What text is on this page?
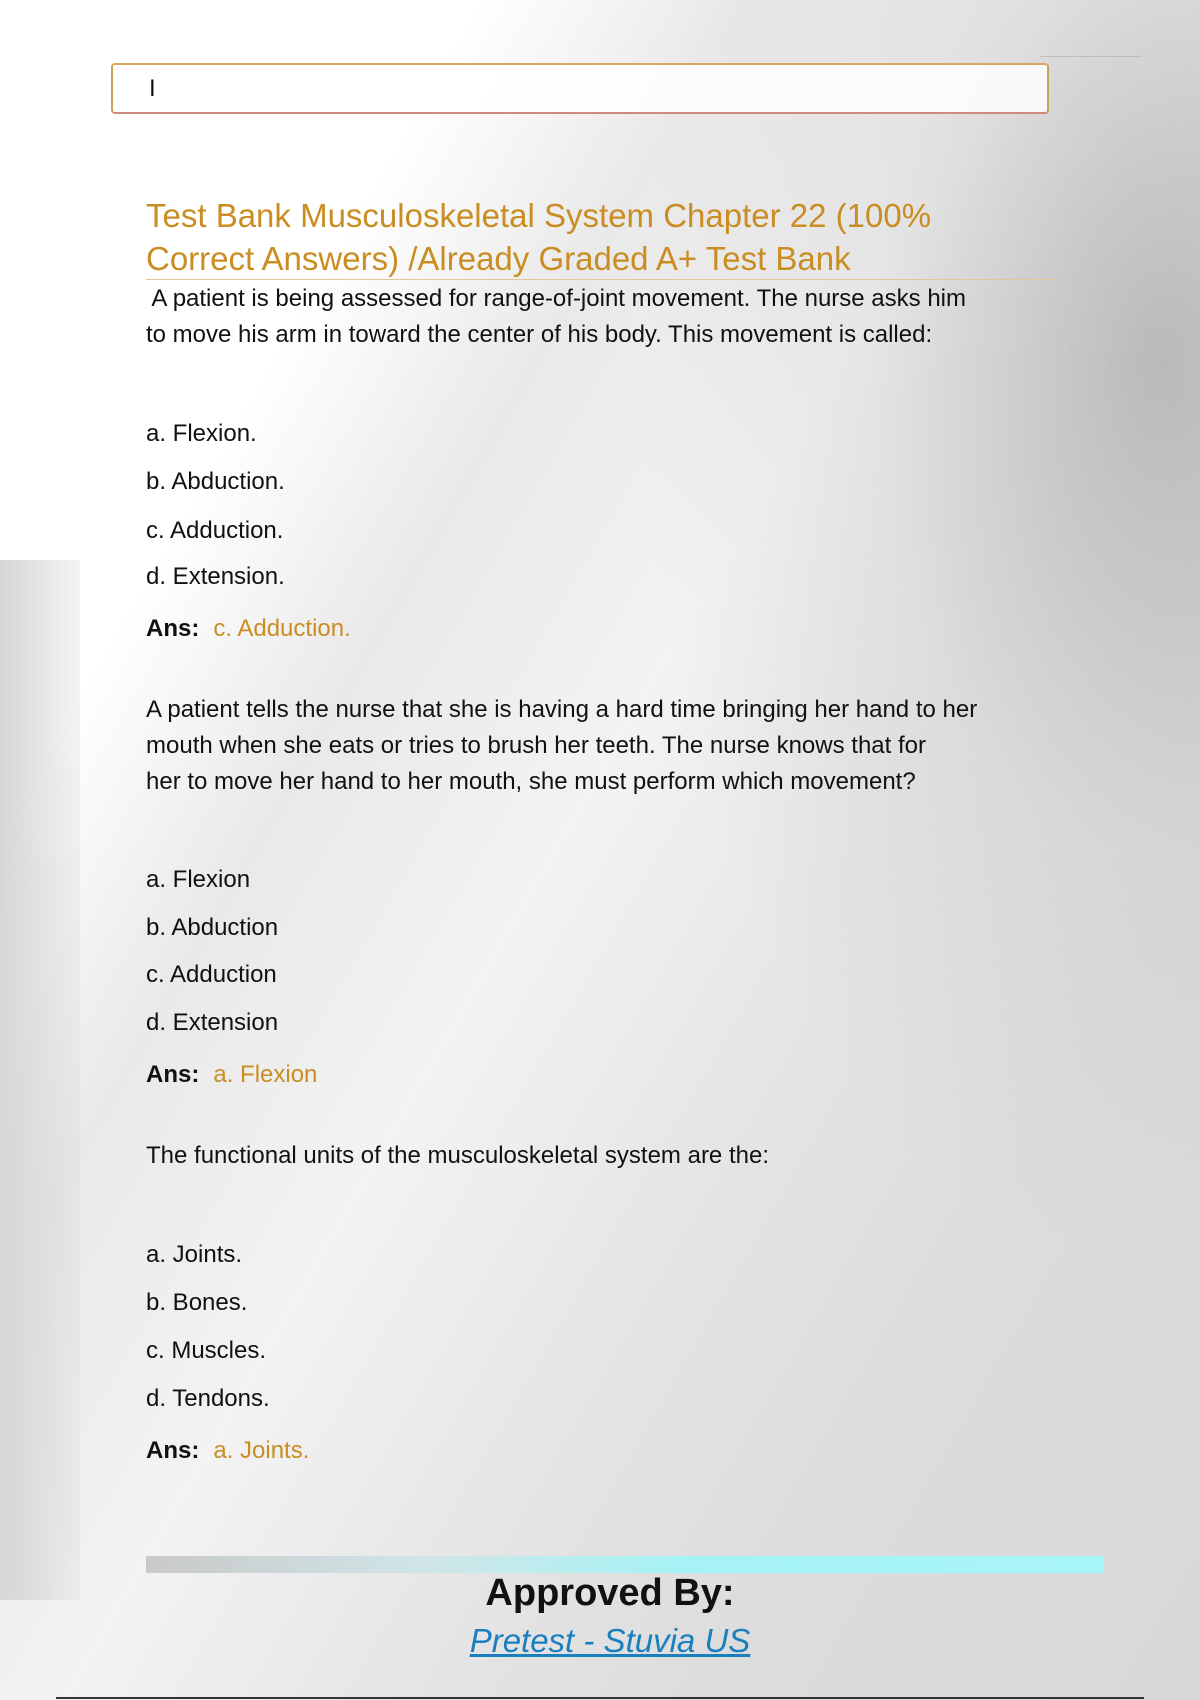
I
Test Bank Musculoskeletal System Chapter 22 (100%
Correct Answers) /Already Graded A+ Test Bank
A patient is being assessed for range-of-joint movement. The nurse asks him
to move his arm in toward the center of his body. This movement is called:
a. Flexion.
b. Abduction.
c. Adduction.
d. Extension.
Ans: c. Adduction.
A patient tells the nurse that she is having a hard time bringing her hand to her
mouth when she eats or tries to brush her teeth. The nurse knows that for
her to move her hand to her mouth, she must perform which movement?
a. Flexion
b. Abduction
c. Adduction
d. Extension
Ans: a. Flexion
The functional units of the musculoskeletal system are the:
a. Joints.
b. Bones.
c. Muscles.
d. Tendons.
Ans: a. Joints.
Approved By:
Pretest - Stuvia US
